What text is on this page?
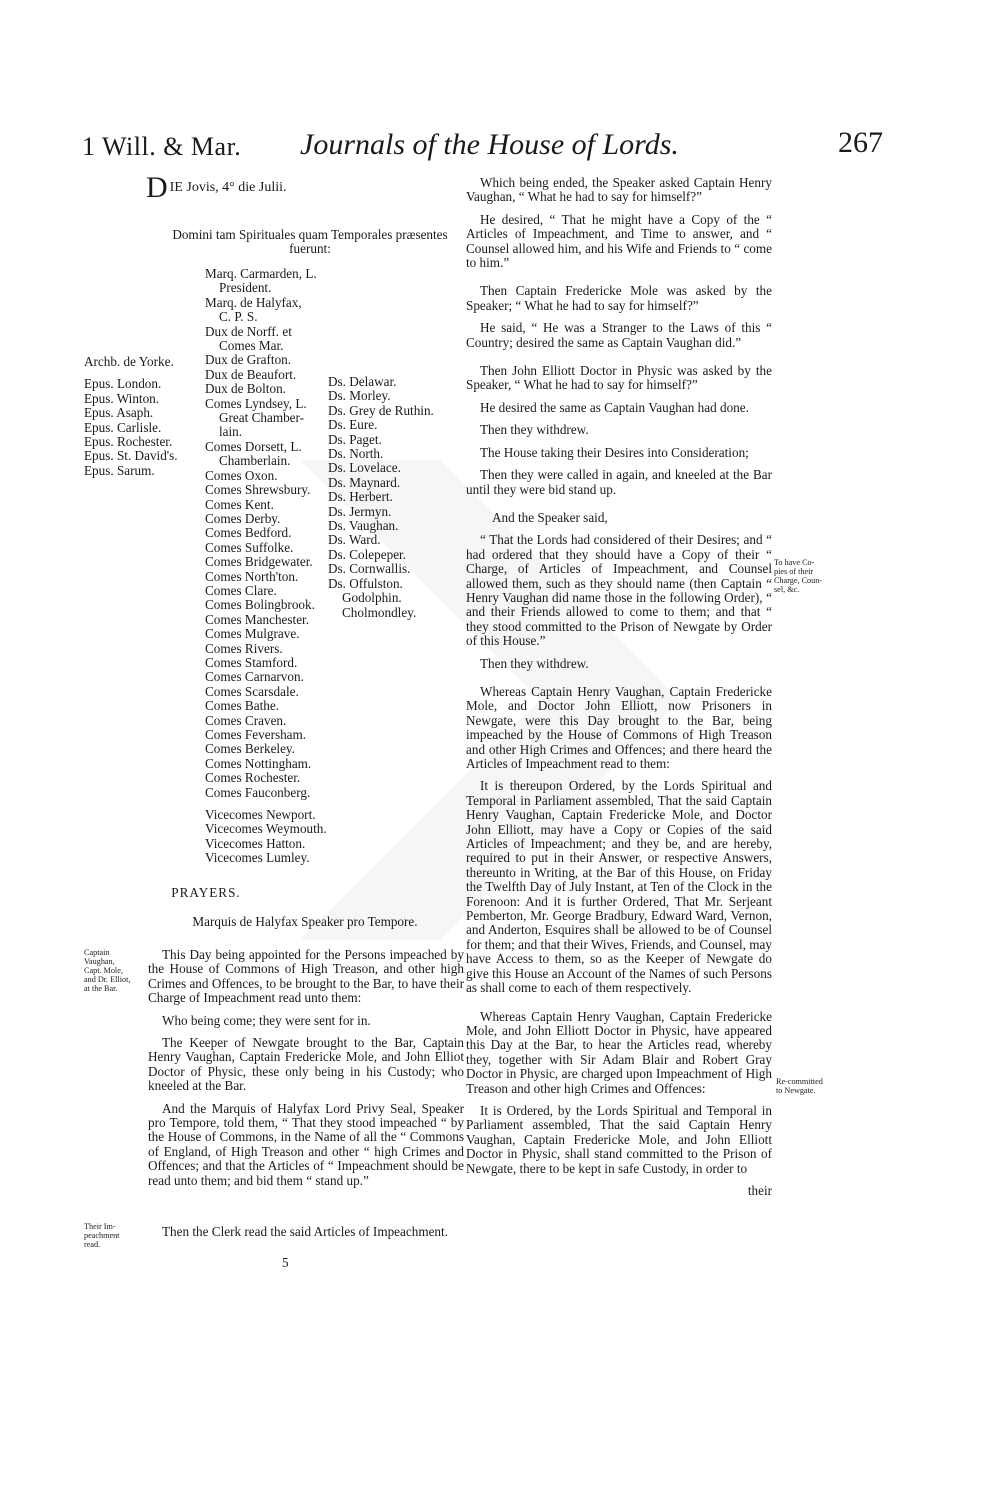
1 Will. & Mar. Journals of the House of Lords.	267
D IE Jovis, 4° die Julii.
Domini tam Spirituales quam Temporales præsentes
fuerunt:
Archb. de Yorke.
Epus. London.
Epus. Winton.
Epus. Asaph.
Epus. Carlisle.
Epus. Rochester.
Epus. St. David's.
Epus. Sarum.
Marq. Carmarden, L.
President.
Marq. de Halyfax,
C. P. S.
Dux de Norff. et
Comes Mar.
Dux de Grafton.
Dux de Beaufort.
Dux de Bolton.
Comes Lyndsey, L.
Great Chamber-
lain.
Comes Dorsett, L.
Chamberlain.
Comes Oxon.
Comes Shrewsbury.
Comes Kent.
Comes Derby.
Comes Bedford.
Comes Suffolke.
Comes Bridgewater.
Comes North'ton.
Comes Clare.
Comes Bolingbrook.
Comes Manchester.
Comes Mulgrave.
Comes Rivers.
Comes Stamford.
Comes Carnarvon.
Comes Scarsdale.
Comes Bathe.
Comes Craven.
Comes Feversham.
Comes Berkeley.
Comes Nottingham.
Comes Rochester.
Comes Fauconberg.
Vicecomes Newport.
Vicecomes Weymouth.
Vicecomes Hatton.
Vicecomes Lumley.
Ds. Delawar.
Ds. Morley.
Ds. Grey de Ruthin.
Ds. Eure.
Ds. Paget.
Ds. North.
Ds. Lovelace.
Ds. Maynard.
Ds. Herbert.
Ds. Jermyn.
Ds. Vaughan.
Ds. Ward.
Ds. Colepeper.
Ds. Cornwallis.
Ds. Offulston.
Godolphin.
Cholmondley.
PRAYERS.
Marquis de Halyfax Speaker pro Tempore.
Captain
Vaughan,
Capt. Mole,
and Dr. Elliot,
at the Bar.

This Day being appointed for the Persons impeached by the House of Commons of High Treason, and other high Crimes and Offences, to be brought to the Bar, to have their Charge of Impeachment read unto them:

Who being come; they were sent for in.

The Keeper of Newgate brought to the Bar, Captain Henry Vaughan, Captain Fredericke Mole, and John Elliot Doctor of Physic, these only being in his Custody; who kneeled at the Bar.

And the Marquis of Halyfax Lord Privy Seal, Speaker pro Tempore, told them, “ That they stood impeached “ by the House of Commons, in the Name of all the “ Commons of England, of High Treason and other “ high Crimes and Offences; and that the Articles of “ Impeachment should be read unto them; and bid them “ stand up.”

Their Im-
peachment
read.

Then the Clerk read the said Articles of Impeachment.

5

Which being ended, the Speaker asked Captain Henry Vaughan, “ What he had to say for himself?”

He desired, “ That he might have a Copy of the “ Articles of Impeachment, and Time to answer, and “ Counsel allowed him, and his Wife and Friends to “ come to him.”

Then Captain Fredericke Mole was asked by the Speaker; “ What he had to say for himself?”

He said, “ He was a Stranger to the Laws of this “ Country; desired the same as Captain Vaughan did.”

Then John Elliott Doctor in Physic was asked by the Speaker, “ What he had to say for himself?”

He desired the same as Captain Vaughan had done.

Then they withdrew.

The House taking their Desires into Consideration;

Then they were called in again, and kneeled at the Bar until they were bid stand up.

And the Speaker said,

“ That the Lords had considered of their Desires; and “ had ordered that they should have a Copy of their “ Charge, of Articles of Impeachment, and Counsel allowed them, such as they should name (then Captain “ Henry Vaughan did name those in the following Order), “ and their Friends allowed to come to them; and that “ they stood committed to the Prison of Newgate by Order of this House.”

Then they withdrew.

Whereas Captain Henry Vaughan, Captain Fredericke Mole, and Doctor John Elliott, now Prisoners in Newgate, were this Day brought to the Bar, being impeached by the House of Commons of High Treason and other High Crimes and Offences; and there heard the Articles of Impeachment read to them:

It is thereupon Ordered, by the Lords Spiritual and Temporal in Parliament assembled, That the said Captain Henry Vaughan, Captain Fredericke Mole, and Doctor John Elliott, may have a Copy or Copies of the said Articles of Impeachment; and they be, and are hereby, required to put in their Answer, or respective Answers, thereunto in Writing, at the Bar of this House, on Friday the Twelfth Day of July Instant, at Ten of the Clock in the Forenoon: And it is further Ordered, That Mr. Serjeant Pemberton, Mr. George Bradbury, Edward Ward, Vernon, and Anderton, Esquires shall be allowed to be of Counsel for them; and that their Wives, Friends, and Counsel, may have Access to them, so as the Keeper of Newgate do give this House an Account of the Names of such Persons as shall come to each of them respectively.

Whereas Captain Henry Vaughan, Captain Fredericke Mole, and John Elliott Doctor in Physic, have appeared this Day at the Bar, to hear the Articles read, whereby they, together with Sir Adam Blair and Robert Gray Doctor in Physic, are charged upon Impeachment of High Treason and other high Crimes and Offences:

It is Ordered, by the Lords Spiritual and Temporal in Parliament assembled, That the said Captain Henry Vaughan, Captain Fredericke Mole, and John Elliott Doctor in Physic, shall stand committed to the Prison of Newgate, there to be kept in safe Custody, in order to

their

To have Co-
pies of their
Charge, Coun-
sel, &c.
Re-committed
to Newgate.
